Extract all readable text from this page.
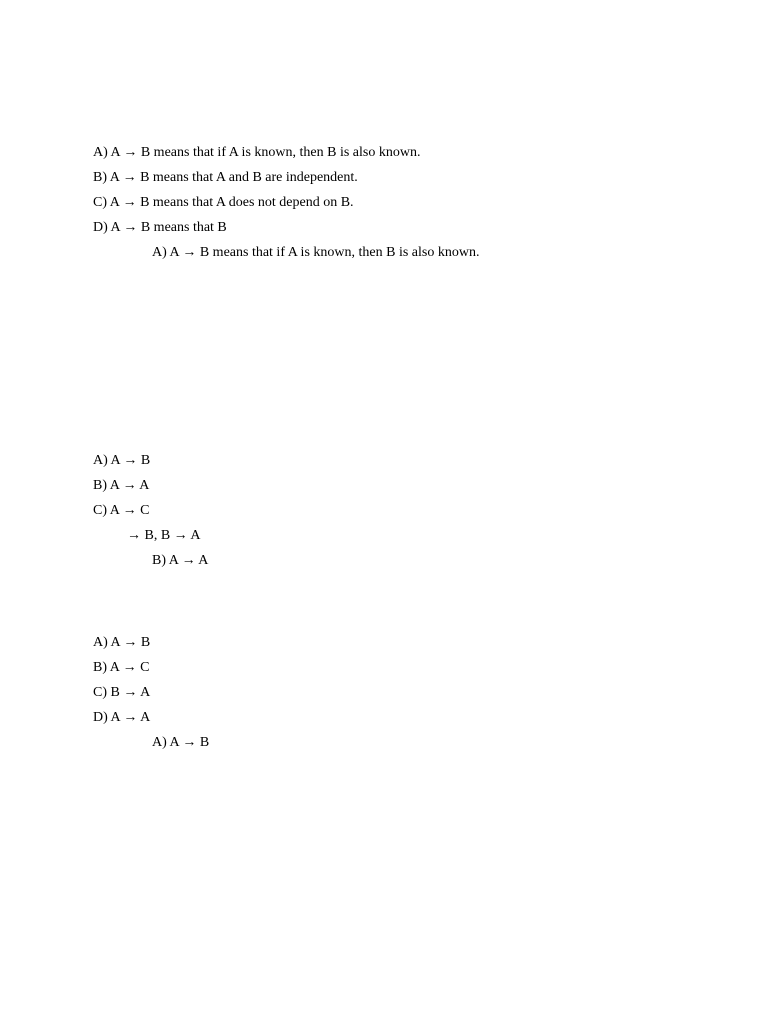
A) A → B means that if A is known, then B is also known.
B) A → B means that A and B are independent.
C) A → B means that A does not depend on B.
D) A → B means that B
A) A → B means that if A is known, then B is also known.
A) A → B
B) A → A
C) A → C
→ B, B → A
B) A → A
A) A → B
B) A → C
C) B → A
D) A → A
A) A → B
